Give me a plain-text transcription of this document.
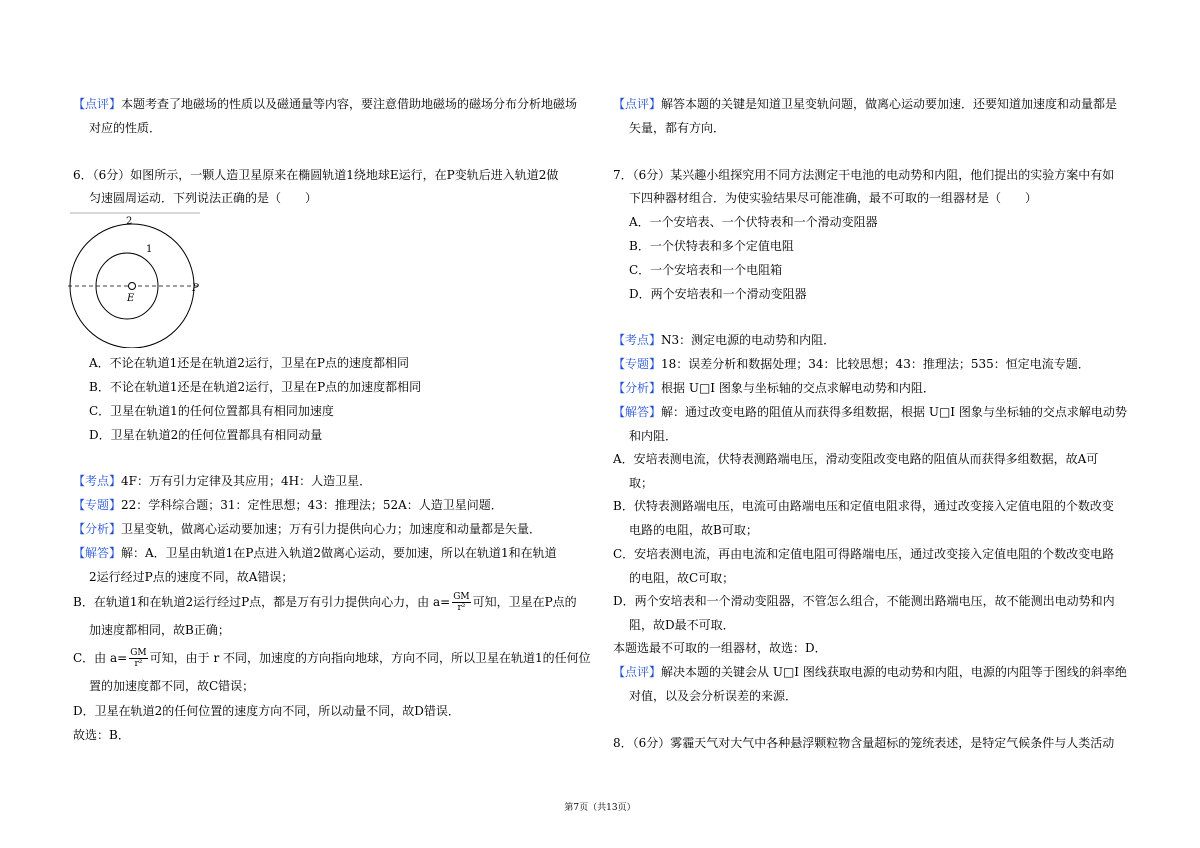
【点评】本题考查了地磁场的性质以及磁通量等内容，要注意借助地磁场的磁场分布分析地磁场
对应的性质．
6．（6分）如图所示，一颗人造卫星原来在椭圆轨道1绕地球E运行，在P变轨后进入轨道2做
匀速圆周运动．下列说法正确的是（　　）
2
1
E
P
A．不论在轨道1还是在轨道2运行，卫星在P点的速度都相同
B．不论在轨道1还是在轨道2运行，卫星在P点的加速度都相同
C．卫星在轨道1的任何位置都具有相同加速度
D．卫星在轨道2的任何位置都具有相同动量
【考点】4F：万有引力定律及其应用；4H：人造卫星．
【专题】22：学科综合题；31：定性思想；43：推理法；52A：人造卫星问题．
【分析】卫星变轨，做离心运动要加速；万有引力提供向心力；加速度和动量都是矢量．
【解答】解：A．卫星由轨道1在P点进入轨道2做离心运动，要加速，所以在轨道1和在轨道
2运行经过P点的速度不同，故A错误；
B．在轨道1和在轨道2运行经过P点，都是万有引力提供向心力，由 $a= \frac{GM}{\text{r²}}$ 可知，卫星在P点的
加速度都相同，故B正确；
C．由 $a= \frac{GM}{\text{r²}}$ 可知，由于 r 不同，加速度的方向指向地球，方向不同，所以卫星在轨道1的任何位
置的加速度都不同，故C错误；
D．卫星在轨道2的任何位置的速度方向不同，所以动量不同，故D错误．
故选：B．
【点评】解答本题的关键是知道卫星变轨问题，做离心运动要加速．还要知道加速度和动量都是
矢量，都有方向．
7．（6分）某兴趣小组探究用不同方法测定干电池的电动势和内阻，他们提出的实验方案中有如
下四种器材组合．为使实验结果尽可能准确，最不可取的一组器材是（　　）
A．一个安培表、一个伏特表和一个滑动变阻器
B．一个伏特表和多个定值电阻
C．一个安培表和一个电阻箱
D．两个安培表和一个滑动变阻器
【考点】N3：测定电源的电动势和内阻．
【专题】18：误差分析和数据处理；34：比较思想；43：推理法；535：恒定电流专题．
【分析】根据 U□I 图象与坐标轴的交点求解电动势和内阻．
【解答】解：通过改变电路的阻值从而获得多组数据，根据 U□I 图象与坐标轴的交点求解电动势
和内阻．
A．安培表测电流，伏特表测路端电压，滑动变阻改变电路的阻值从而获得多组数据，故A可
取；
B．伏特表测路端电压，电流可由路端电压和定值电阻求得，通过改变接入定值电阻的个数改变
电路的电阻，故B可取；
C．安培表测电流，再由电流和定值电阻可得路端电压，通过改变接入定值电阻的个数改变电路
的电阻，故C可取；
D．两个安培表和一个滑动变阻器，不管怎么组合，不能测出路端电压，故不能测出电动势和内
阻，故D最不可取．
本题选最不可取的一组器材，故选：D．
【点评】解决本题的关键会从 U□I 图线获取电源的电动势和内阻，电源的内阻等于图线的斜率绝
对值，以及会分析误差的来源．
8．（6分）雾霾天气对大气中各种悬浮颗粒物含量超标的笼统表述，是特定气候条件与人类活动
第7页（共13页）
